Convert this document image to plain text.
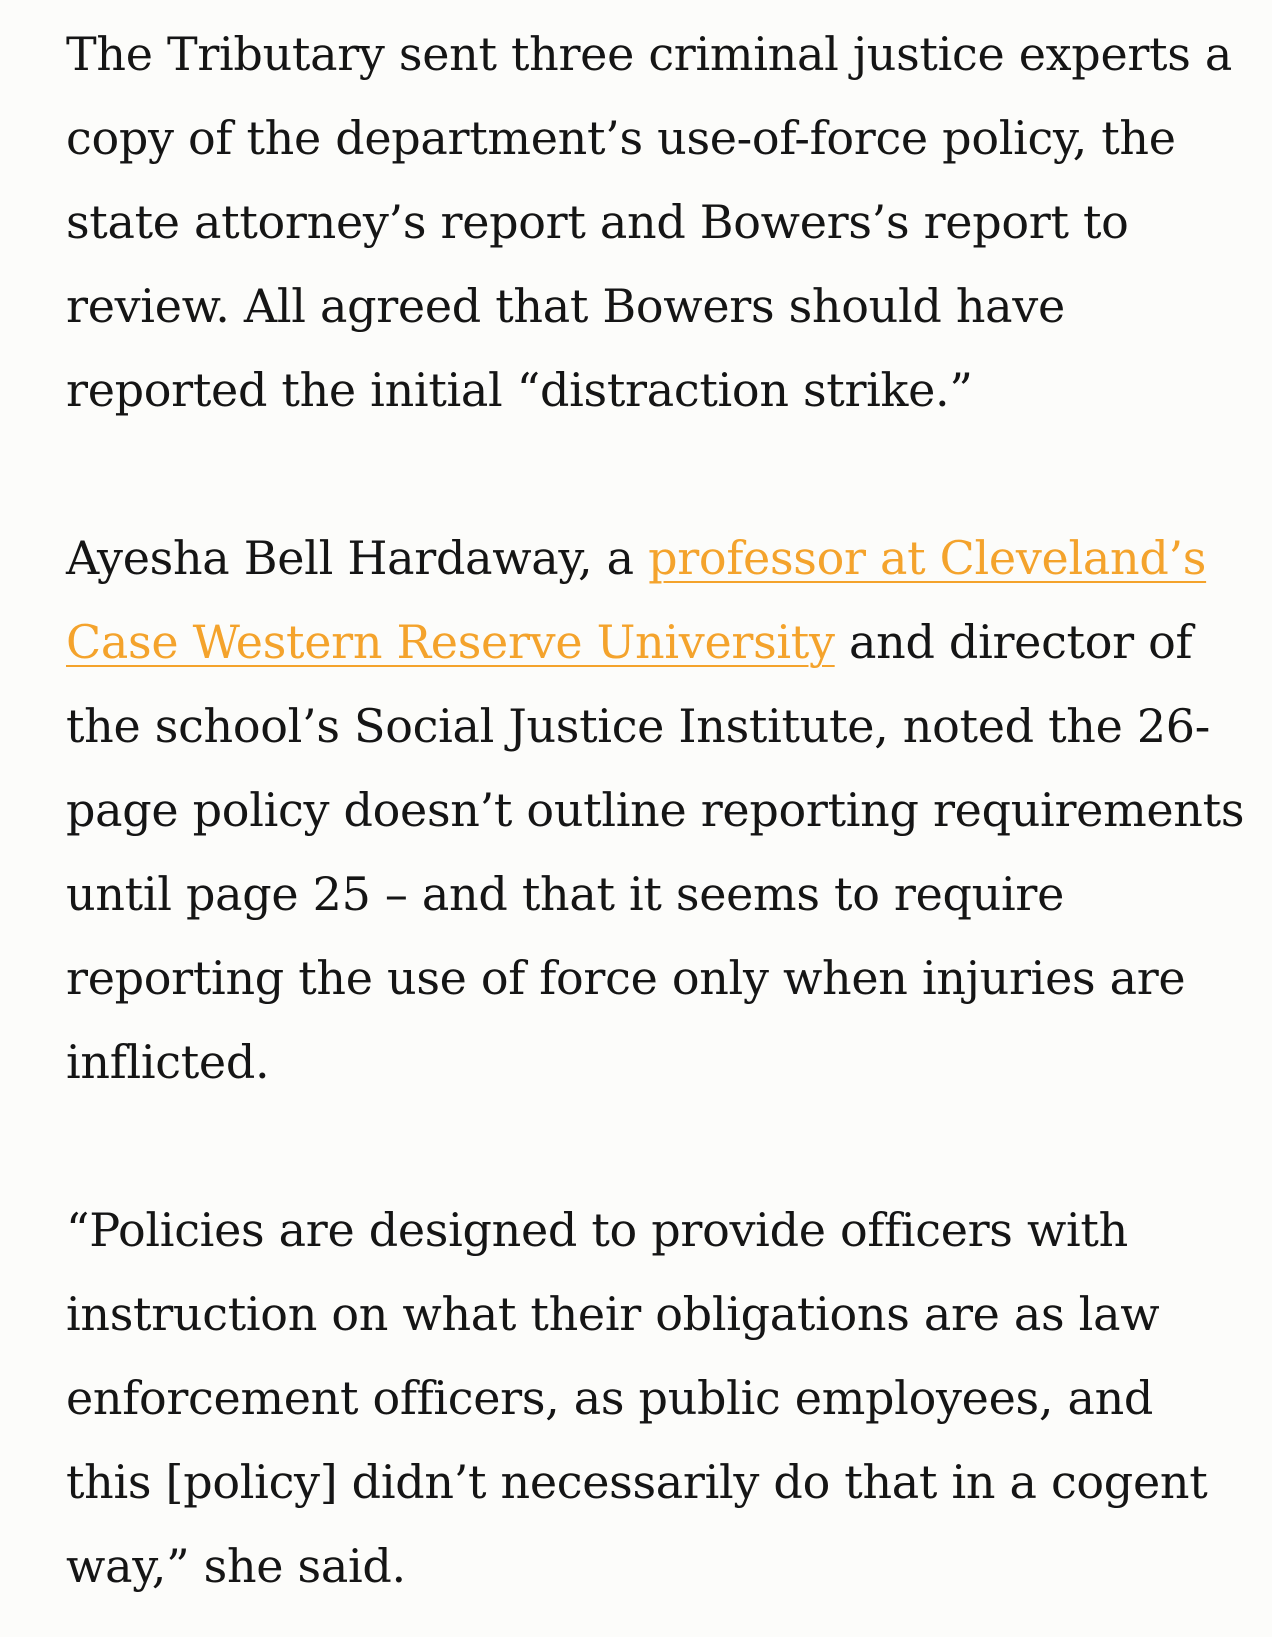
The Tributary sent three criminal justice experts a copy of the department’s use-of-force policy, the state attorney’s report and Bowers’s report to review. All agreed that Bowers should have reported the initial “distraction strike.”

Ayesha Bell Hardaway, a professor at Cleveland’s Case Western Reserve University and director of the school’s Social Justice Institute, noted the 26-page policy doesn’t outline reporting requirements until page 25 – and that it seems to require reporting the use of force only when injuries are inflicted.

“Policies are designed to provide officers with instruction on what their obligations are as law enforcement officers, as public employees, and this [policy] didn’t necessarily do that in a cogent way,” she said.
